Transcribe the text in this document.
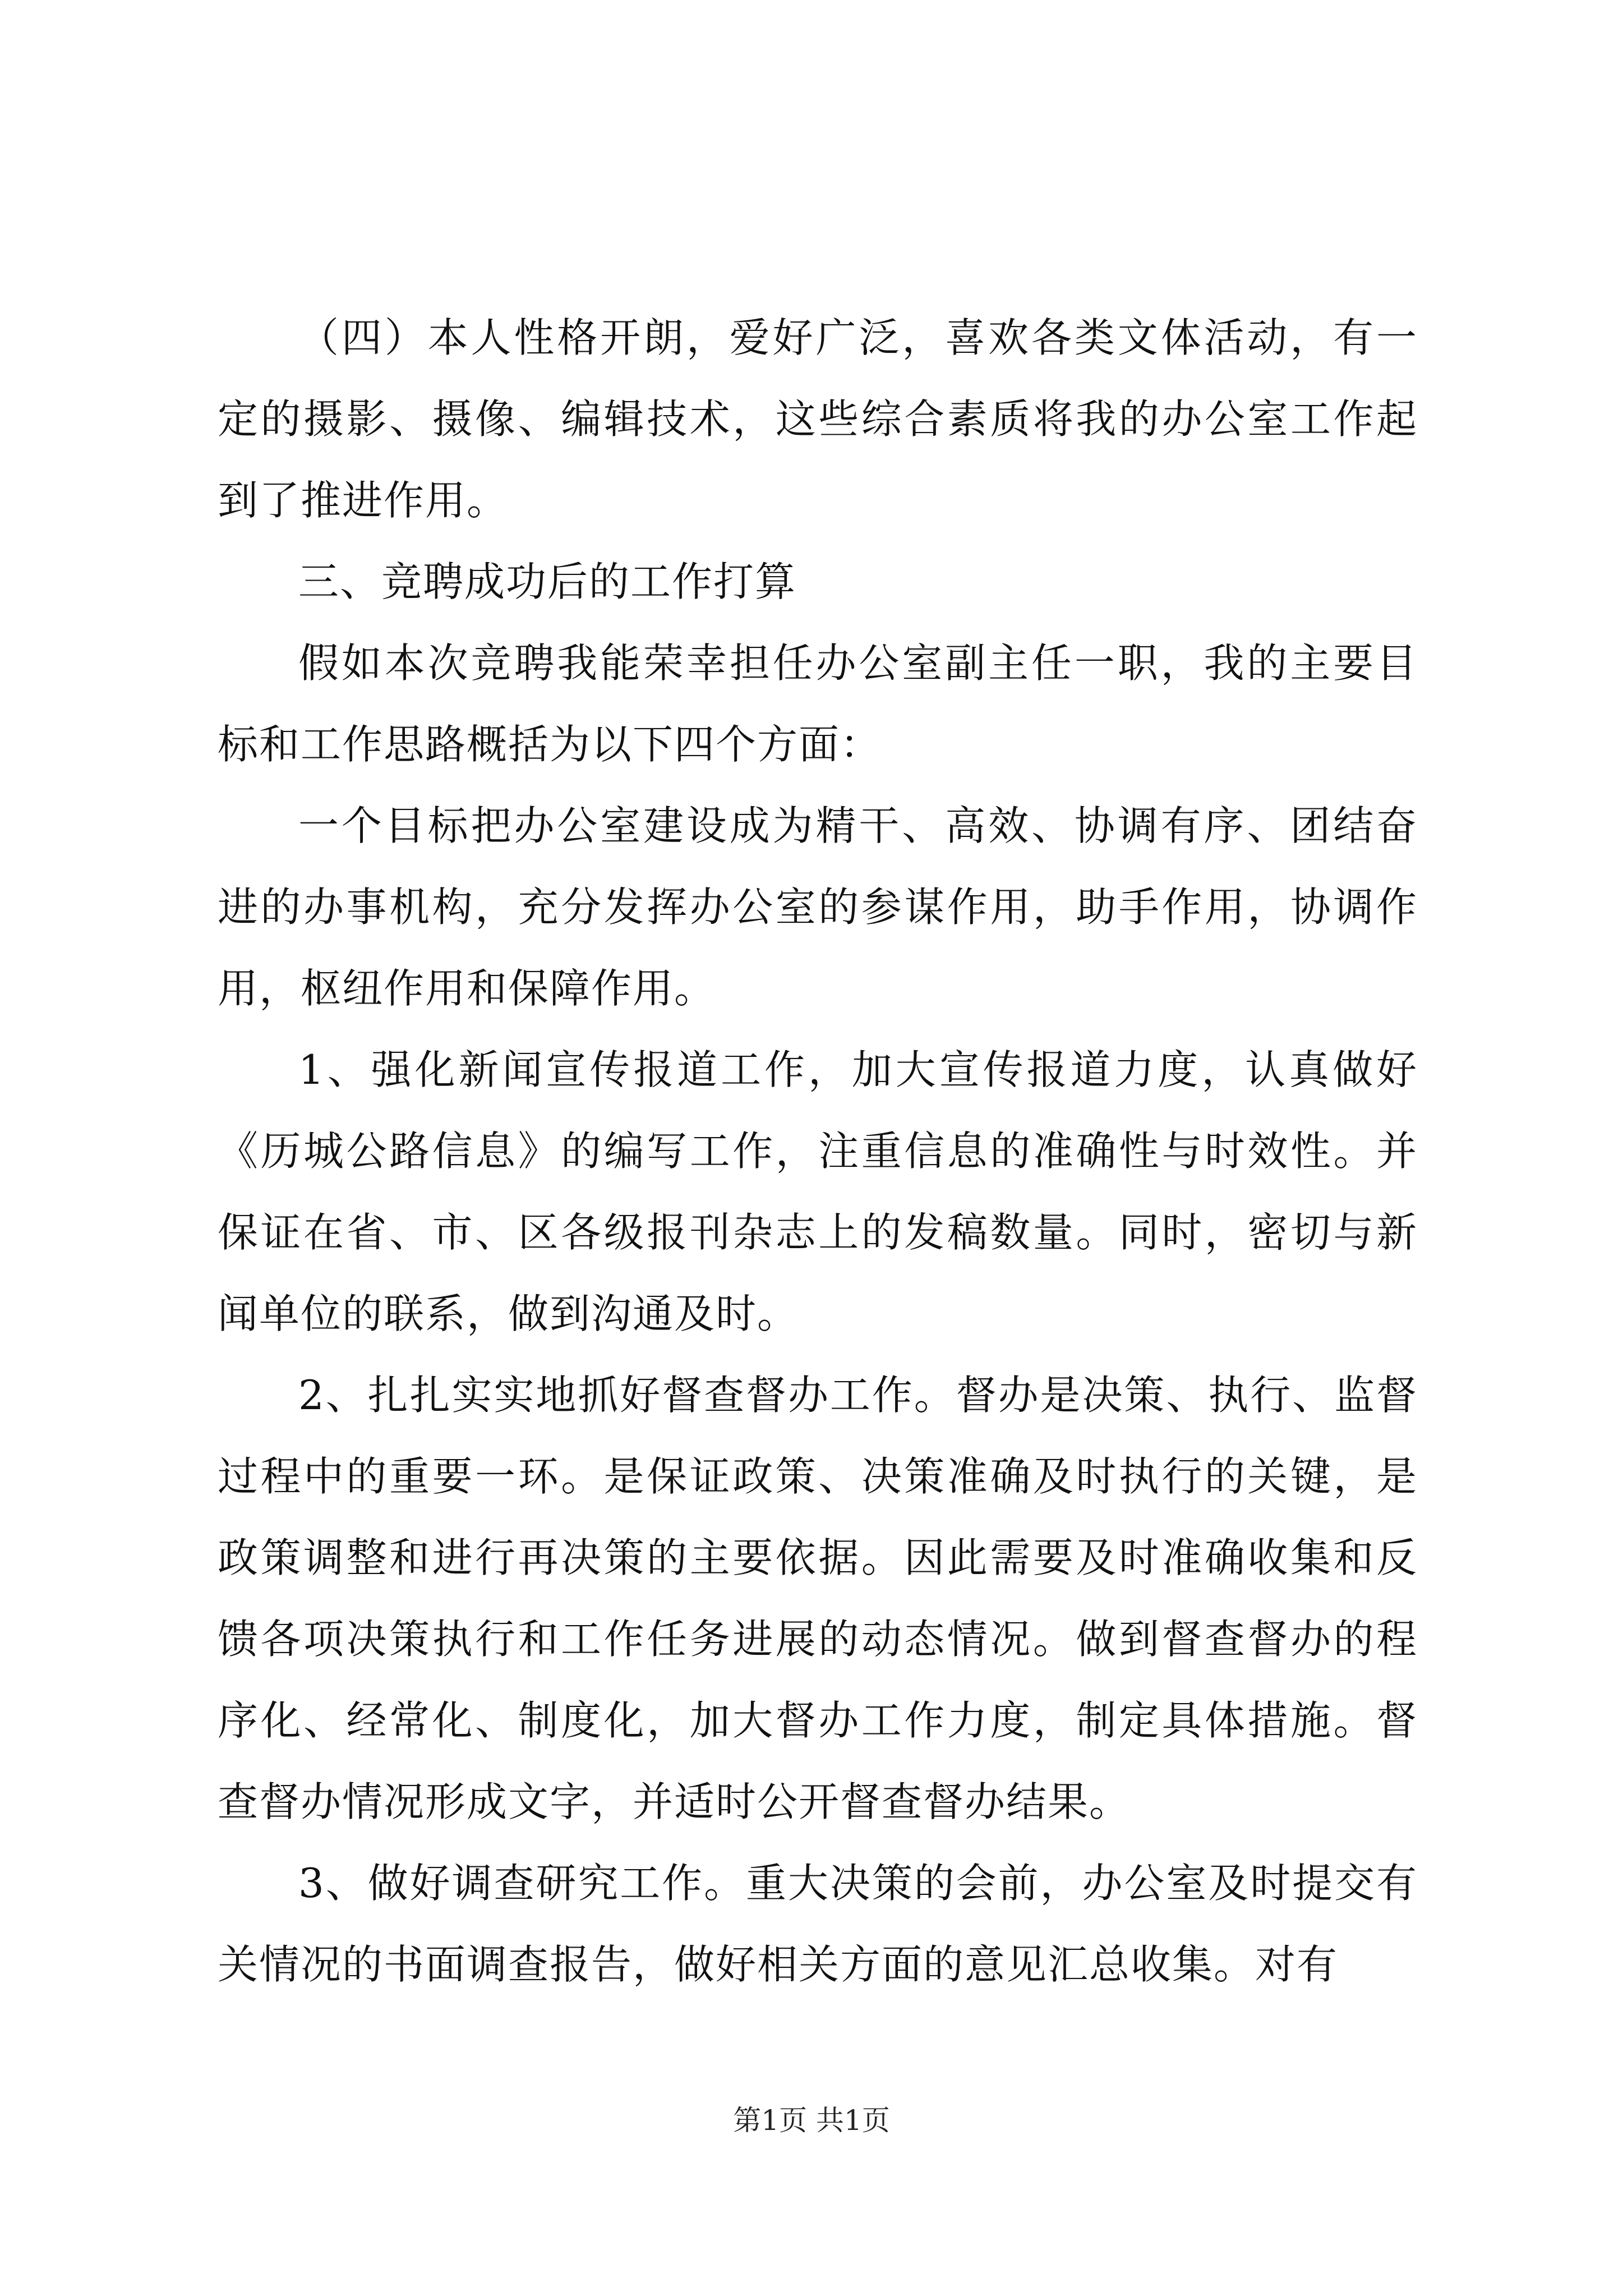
（四）本人性格开朗，爱好广泛，喜欢各类文体活动，有一定的摄影、摄像、编辑技术，这些综合素质将我的办公室工作起到了推进作用。

三、竞聘成功后的工作打算

假如本次竞聘我能荣幸担任办公室副主任一职，我的主要目标和工作思路概括为以下四个方面：

一个目标把办公室建设成为精干、高效、协调有序、团结奋进的办事机构，充分发挥办公室的参谋作用，助手作用，协调作用，枢纽作用和保障作用。

1、强化新闻宣传报道工作，加大宣传报道力度，认真做好《历城公路信息》的编写工作，注重信息的准确性与时效性。并保证在省、市、区各级报刊杂志上的发稿数量。同时，密切与新闻单位的联系，做到沟通及时。

2、扎扎实实地抓好督查督办工作。督办是决策、执行、监督过程中的重要一环。是保证政策、决策准确及时执行的关键，是政策调整和进行再决策的主要依据。因此需要及时准确收集和反馈各项决策执行和工作任务进展的动态情况。做到督查督办的程序化、经常化、制度化，加大督办工作力度，制定具体措施。督查督办情况形成文字，并适时公开督查督办结果。

3、做好调查研究工作。重大决策的会前，办公室及时提交有关情况的书面调查报告，做好相关方面的意见汇总收集。对有

第1页 共1页
